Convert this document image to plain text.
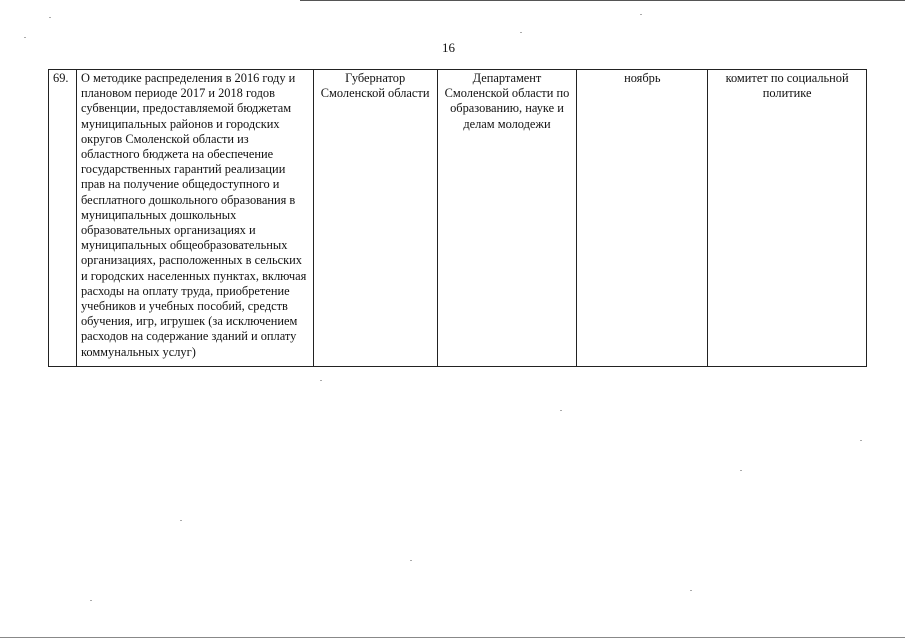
16
69.	О методике распределения в 2016 году и плановом периоде 2017 и 2018 годов субвенции, предоставляемой бюджетам муниципальных районов и городских округов Смоленской области из областного бюджета на обеспечение государственных гарантий реализации прав на получение общедоступного и бесплатного дошкольного образования в муниципальных дошкольных образовательных организациях и муниципальных общеобразовательных организациях, расположенных в сельских и городских населенных пунктах, включая расходы на оплату труда, приобретение учебников и учебных пособий, средств обучения, игр, игрушек (за исключением расходов на содержание зданий и оплату коммунальных услуг)	Губернатор Смоленской области	Департамент Смоленской области по образованию, науке и делам молодежи	ноябрь	комитет по социальной политике
